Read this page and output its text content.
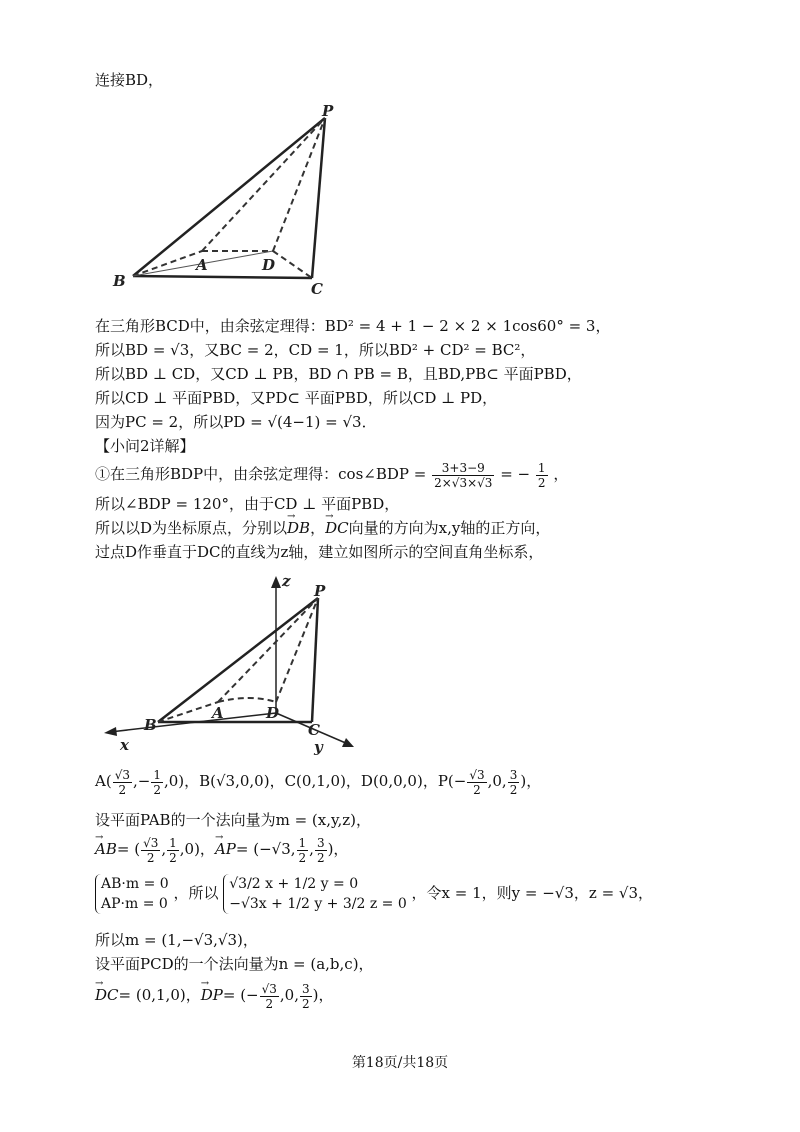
连接BD，
P
B
A	D
C
在三角形BCD中，由余弦定理得：BD² = 4 + 1 − 2 × 2 × 1cos60° = 3，
所以BD = √3，又BC = 2，CD = 1，所以BD² + CD² = BC²，
所以BD ⊥ CD，又CD ⊥ PB，BD ∩ PB = B，且BD,PB⊂ 平面PBD，
所以CD ⊥ 平面PBD，又PD⊂ 平面PBD，所以CD ⊥ PD，
因为PC = 2，所以PD = √(4−1) = √3．
【小问2详解】
①在三角形BDP中，由余弦定理得：cos∠BDP = $\frac{3+3-9}{2\times√3\times√3}$ = − $\frac{1}{2}$ ，
所以∠BDP = 120°，由于CD ⊥ 平面PBD，
所以以D为坐标原点，分别以→ DB，→ DC向量的方向为x,y轴的正方向，
过点D作垂直于DC的直线为z轴，建立如图所示的空间直角坐标系，
z
P
B
A	D
C
x	y
$A( \frac{√3}{2}$ ,− $\frac{1}{2} ,0$)，B(√3,0,0)，C(0,1,0)，D(0,0,0)，$P(- \frac{√3}{2} ,0$, $\frac{3}{2}$ )，
设平面PAB的一个法向量为m = (x,y,z)，
→ AB= ( $\frac{√3}{2}$ , $\frac{1}{2} ,0$)，→ AP= (−√3, $\frac{1}{2}$ , $\frac{3}{2}$ )，
AB·m = 0
AP·m = 0
，所以 √3/2 x + 1/2 y = 0
−√3x + 1/2 y + 3/2 z = 0
，令x = 1，则y = −√3，z = √3，
所以m = (1,−√3,√3)，
设平面PCD的一个法向量为n = (a,b,c)，
→ DC= (0,1,0)，→ DP= (− $\frac{√3}{2} ,0$, $\frac{3}{2}$ )，
第18页/共18页
